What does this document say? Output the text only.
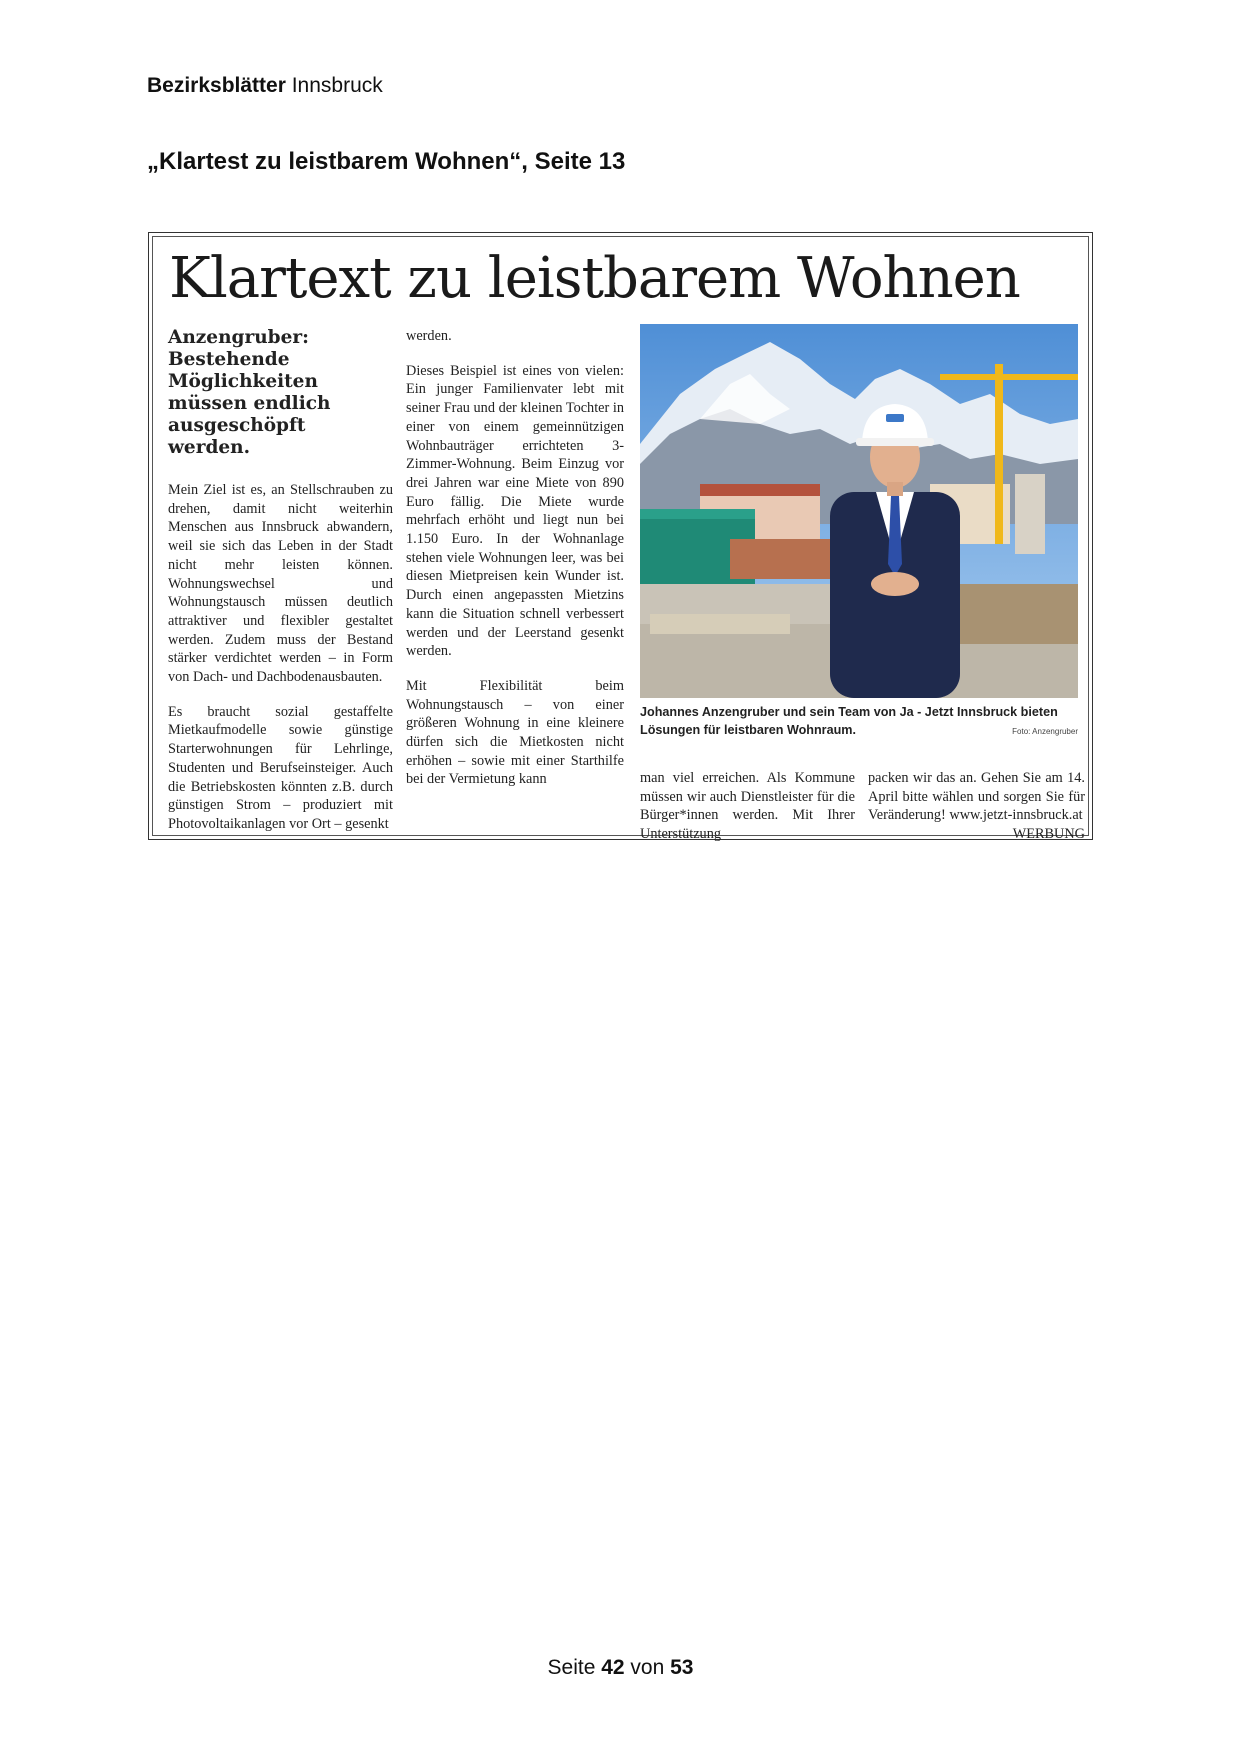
Bezirksblätter Innsbruck
„Klartest zu leistbarem Wohnen“, Seite 13
Klartext zu leistbarem Wohnen
Anzengruber: Bestehende Möglichkeiten müssen endlich ausgeschöpft werden.

Mein Ziel ist es, an Stellschrauben zu drehen, damit nicht weiterhin Menschen aus Innsbruck abwandern, weil sie sich das Leben in der Stadt nicht mehr leisten können. Wohnungswechsel und Wohnungstausch müssen deutlich attraktiver und flexibler gestaltet werden. Zudem muss der Bestand stärker verdichtet werden – in Form von Dach- und Dachbodenausbauten.

Es braucht sozial gestaffelte Mietkaufmodelle sowie günstige Starterwohnungen für Lehrlinge, Studenten und Berufseinsteiger. Auch die Betriebskosten könnten z.B. durch günstigen Strom – produziert mit Photovoltaikanlagen vor Ort – gesenkt

werden.

Dieses Beispiel ist eines von vielen: Ein junger Familienvater lebt mit seiner Frau und der kleinen Tochter in einer von einem gemeinnützigen Wohnbauträger errichteten 3-Zimmer-Wohnung. Beim Einzug vor drei Jahren war eine Miete von 890 Euro fällig. Die Miete wurde mehrfach erhöht und liegt nun bei 1.150 Euro. In der Wohnanlage stehen viele Wohnungen leer, was bei diesen Mietpreisen kein Wunder ist. Durch einen angepassten Mietzins kann die Situation schnell verbessert werden und der Leerstand gesenkt werden.

Mit Flexibilität beim Wohnungstausch – von einer größeren Wohnung in eine kleinere dürfen sich die Mietkosten nicht erhöhen – sowie mit einer Starthilfe bei der Vermietung kann

Johannes Anzengruber und sein Team von Ja - Jetzt Innsbruck bieten Lösungen für leistbaren Wohnraum.	Foto: Anzengruber

man viel erreichen. Als Kommune müssen wir auch Dienstleister für die Bürger*innen werden. Mit Ihrer Unterstützung

packen wir das an. Gehen Sie am 14. April bitte wählen und sorgen Sie für Veränderung! www.jetzt-innsbruck.at
WERBUNG

Seite 42 von 53
